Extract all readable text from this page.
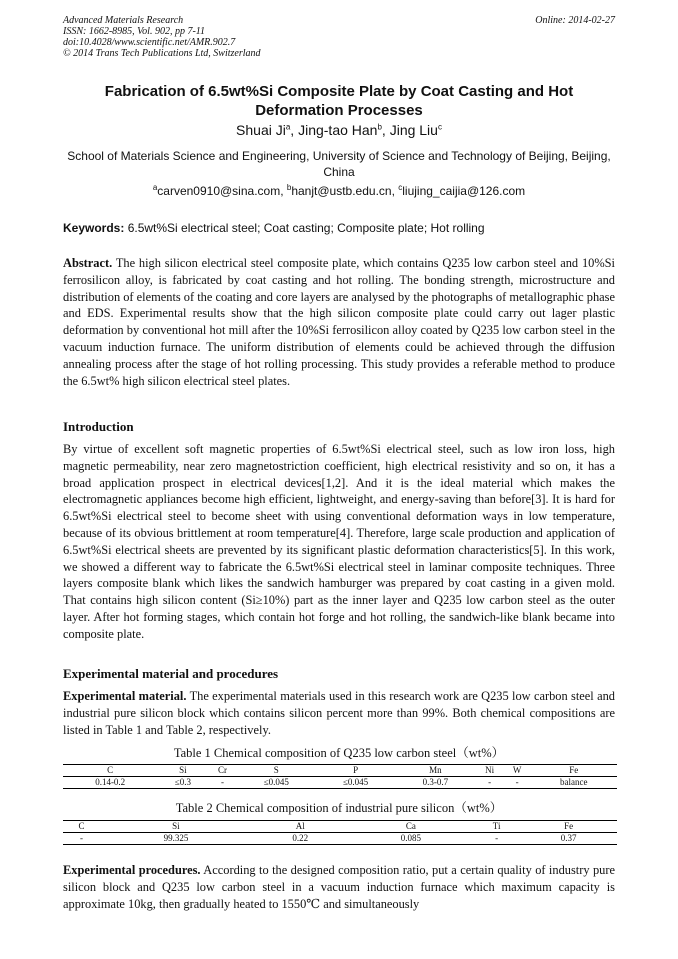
Advanced Materials Research
ISSN: 1662-8985, Vol. 902, pp 7-11
doi:10.4028/www.scientific.net/AMR.902.7
© 2014 Trans Tech Publications Ltd, Switzerland
Online: 2014-02-27
Fabrication of 6.5wt%Si Composite Plate by Coat Casting and Hot Deformation Processes
Shuai Ji$^a$, Jing-tao Han$^b$, Jing Liu$^c$
School of Materials Science and Engineering, University of Science and Technology of Beijing, Beijing, China
$^a$carven0910@sina.com, $^b$hanjt@ustb.edu.cn, $^c$liujing_caijia@126.com
Keywords: 6.5wt%Si electrical steel; Coat casting; Composite plate; Hot rolling

Abstract. The high silicon electrical steel composite plate, which contains Q235 low carbon steel and 10%Si ferrosilicon alloy, is fabricated by coat casting and hot rolling. The bonding strength, microstructure and distribution of elements of the coating and core layers are analysed by the photographs of metallographic phase and EDS. Experimental results show that the high silicon composite plate could carry out lager plastic deformation by conventional hot mill after the 10%Si ferrosilicon alloy coated by Q235 low carbon steel in the vacuum induction furnace. The uniform distribution of elements could be achieved through the diffusion annealing process after the stage of hot rolling processing. This study provides a referable method to produce the 6.5wt% high silicon electrical steel plates.

Introduction

By virtue of excellent soft magnetic properties of 6.5wt%Si electrical steel, such as low iron loss, high magnetic permeability, near zero magnetostriction coefficient, high electrical resistivity and so on, it has a broad application prospect in electrical devices[1,2]. And it is the ideal material which makes the electromagnetic appliances become high efficient, lightweight, and energy-saving than before[3]. It is hard for 6.5wt%Si electrical steel to become sheet with using conventional deformation ways in low temperature, because of its obvious brittlement at room temperature[4]. Therefore, large scale production and application of 6.5wt%Si electrical sheets are prevented by its significant plastic deformation characteristics[5]. In this work, we showed a different way to fabricate the 6.5wt%Si electrical steel in laminar composite techniques. Three layers composite blank which likes the sandwich hamburger was prepared by coat casting in a given mold. That contains high silicon content (Si≥10%) part as the inner layer and Q235 low carbon steel as the outer layer. After hot forming stages, which contain hot forge and hot rolling, the sandwich-like blank became into composite plate.

Experimental material and procedures

Experimental material. The experimental materials used in this research work are Q235 low carbon steel and industrial pure silicon block which contains silicon percent more than 99%. Both chemical compositions are listed in Table 1 and Table 2, respectively.

Table 1 Chemical composition of Q235 low carbon steel（wt%）
C	Si	Cr	S	P	Mn	Ni	W	Fe
0.14-0.2	≤0.3	-	≤0.045	≤0.045	0.3-0.7	-	-	balance
Table 2 Chemical composition of industrial pure silicon（wt%）
C	Si	Al	Ca	Ti	Fe
-	99.325	0.22	0.085	-	0.37

Experimental procedures. According to the designed composition ratio, put a certain quality of industry pure silicon block and Q235 low carbon steel in a vacuum induction furnace which maximum capacity is approximate 10kg, then gradually heated to 1550℃ and simultaneously
